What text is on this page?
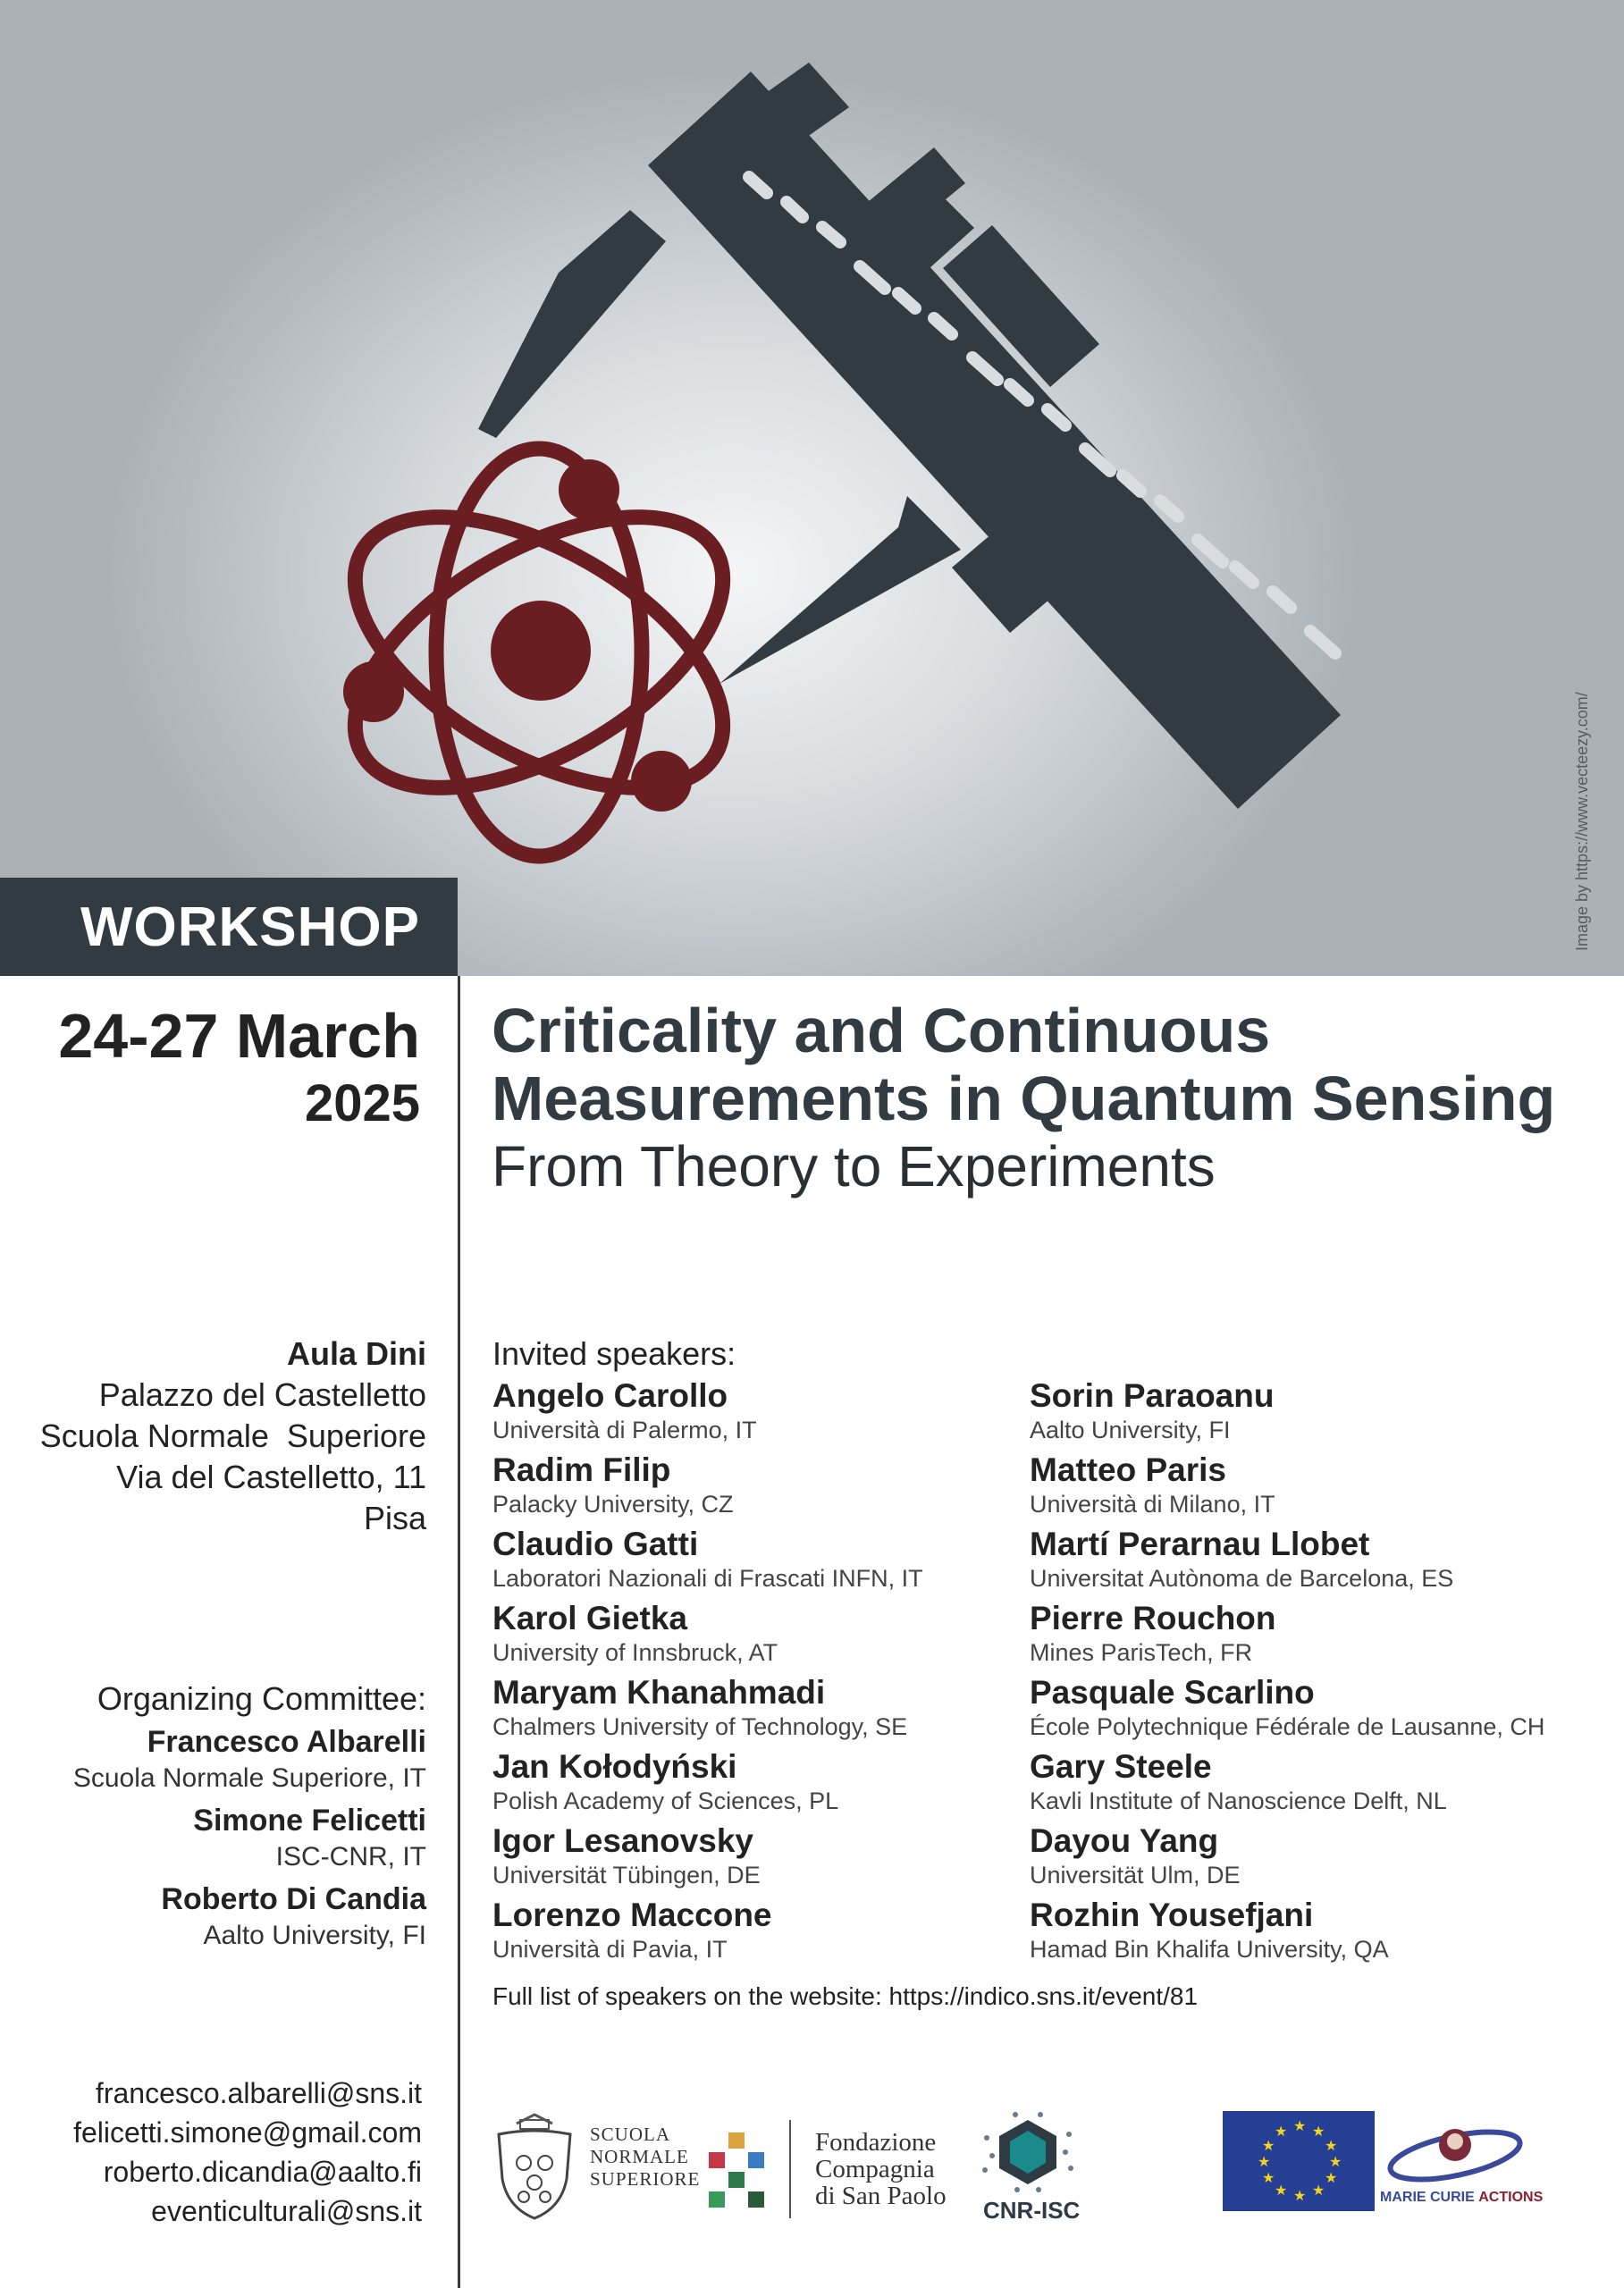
Image by https://www.vecteezy.com/
WORKSHOP
24-27 March
2025
Criticality and Continuous
Measurements in Quantum Sensing
From Theory to Experiments
Aula Dini
Palazzo del Castelletto
Scuola Normale  Superiore
Via del Castelletto, 11
Pisa
Organizing Committee:
Francesco Albarelli
Scuola Normale Superiore, IT
Simone Felicetti
ISC-CNR, IT
Roberto Di Candia
Aalto University, FI
francesco.albarelli@sns.it
felicetti.simone@gmail.com
roberto.dicandia@aalto.fi
eventiculturali@sns.it
Invited speakers:
Angelo Carollo
Università di Palermo, IT
Radim Filip
Palacky University, CZ
Claudio Gatti
Laboratori Nazionali di Frascati INFN, IT
Karol Gietka
University of Innsbruck, AT
Maryam Khanahmadi
Chalmers University of Technology, SE
Jan Kołodyński
Polish Academy of Sciences, PL
Igor Lesanovsky
Universität Tübingen, DE
Lorenzo Maccone
Università di Pavia, IT
Sorin Paraoanu
Aalto University, FI
Matteo Paris
Università di Milano, IT
Martí Perarnau Llobet
Universitat Autònoma de Barcelona, ES
Pierre Rouchon
Mines ParisTech, FR
Pasquale Scarlino
École Polytechnique Fédérale de Lausanne, CH
Gary Steele
Kavli Institute of Nanoscience Delft, NL
Dayou Yang
Universität Ulm, DE
Rozhin Yousefjani
Hamad Bin Khalifa University, QA
Full list of speakers on the website: https://indico.sns.it/event/81
SCUOLA
NORMALE
SUPERIORE
Fondazione
Compagnia
di San Paolo CNR-ISC
★ ★
★
★
★
★
★
★
★
★
★
★
MARIE CURIE ACTIONS
